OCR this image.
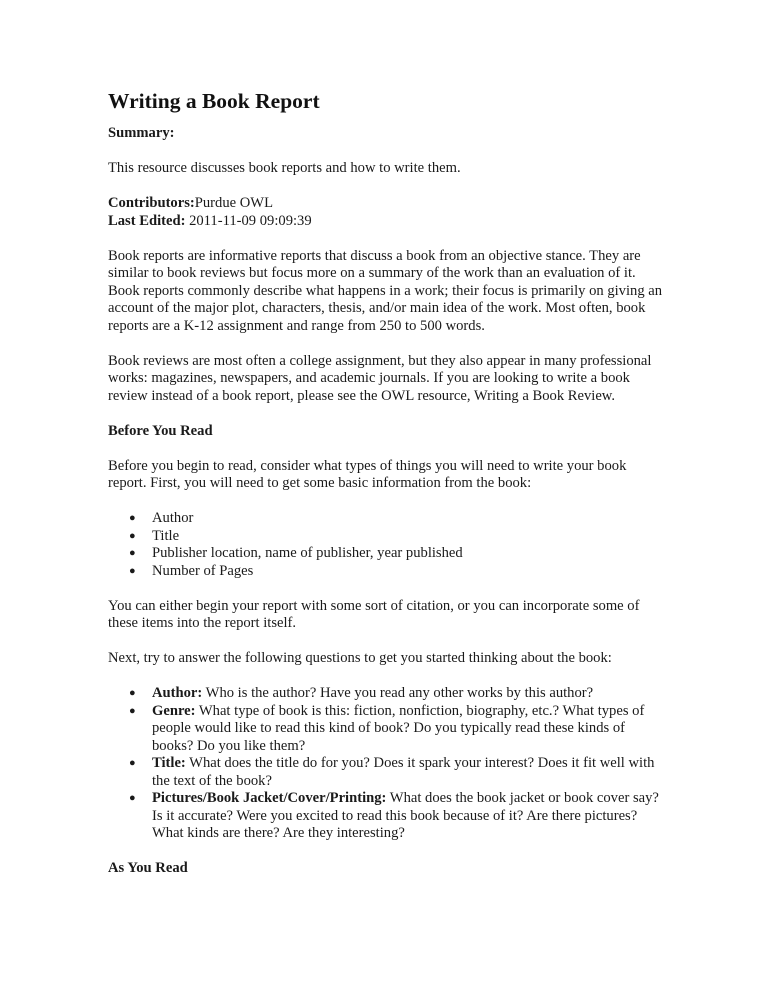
Writing a Book Report

Summary:

This resource discusses book reports and how to write them.

Contributors:Purdue OWL

Last Edited: 2011-11-09 09:09:39

Book reports are informative reports that discuss a book from an objective stance. They are similar to book reviews but focus more on a summary of the work than an evaluation of it. Book reports commonly describe what happens in a work; their focus is primarily on giving an account of the major plot, characters, thesis, and/or main idea of the work. Most often, book reports are a K-12 assignment and range from 250 to 500 words.

Book reviews are most often a college assignment, but they also appear in many professional works: magazines, newspapers, and academic journals. If you are looking to write a book review instead of a book report, please see the OWL resource, Writing a Book Review.

Before You Read

Before you begin to read, consider what types of things you will need to write your book report. First, you will need to get some basic information from the book:

● Author
● Title
● Publisher location, name of publisher, year published
● Number of Pages

You can either begin your report with some sort of citation, or you can incorporate some of these items into the report itself.

Next, try to answer the following questions to get you started thinking about the book:

● Author: Who is the author? Have you read any other works by this author?
● Genre: What type of book is this: fiction, nonfiction, biography, etc.? What types of people would like to read this kind of book? Do you typically read these kinds of books? Do you like them?
● Title: What does the title do for you? Does it spark your interest? Does it fit well with the text of the book?
● Pictures/Book Jacket/Cover/Printing: What does the book jacket or book cover say? Is it accurate? Were you excited to read this book because of it? Are there pictures? What kinds are there? Are they interesting?

As You Read
